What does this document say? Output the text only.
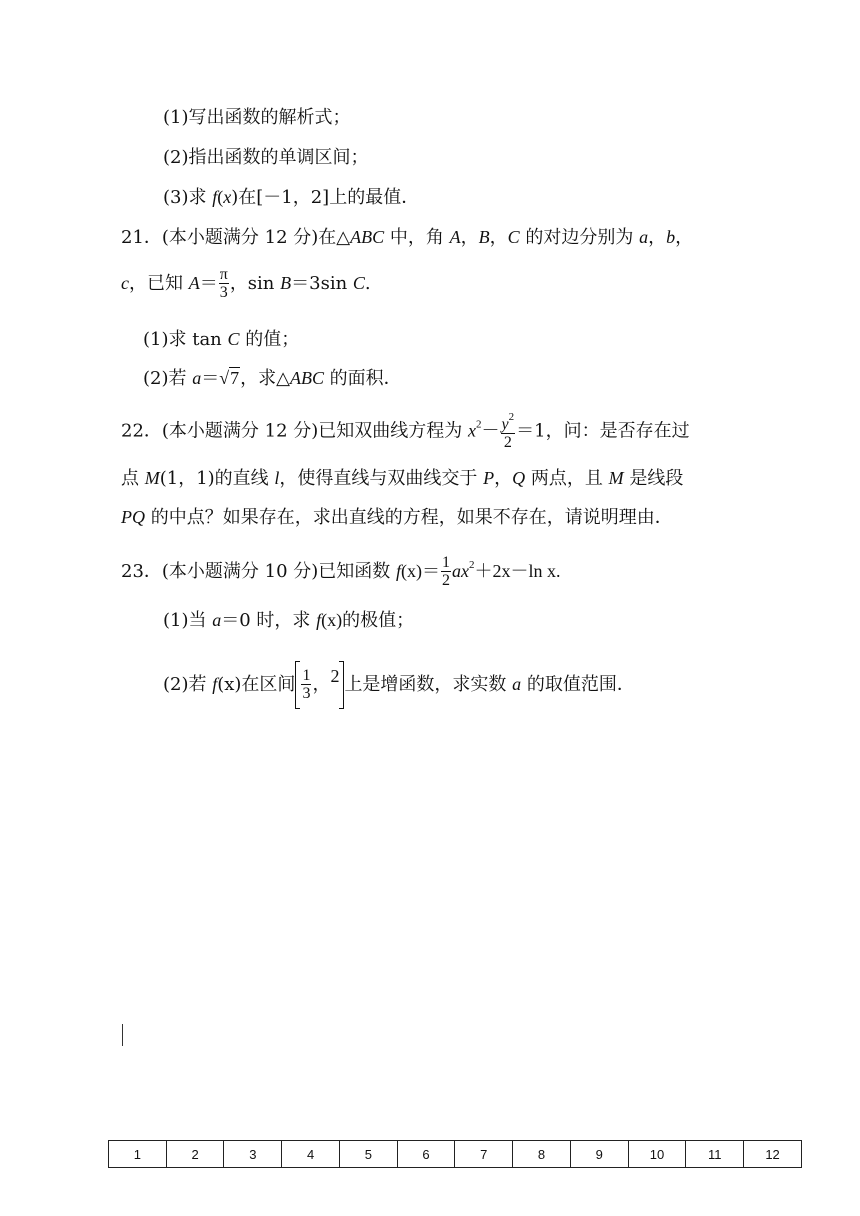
(1)写出函数的解析式；
(2)指出函数的单调区间；
(3)求 f(x)在[－1，2]上的最值．
21．(本小题满分 12 分)在△ABC 中，角 A，B，C 的对边分别为 a，b，
c，已知 $A= \frac{\pi}{3}$ ，sin B＝3sin C.
(1)求 tan C 的值；
(2)若 a＝√7，求△ABC 的面积．
22．(本小题满分 12 分)已知双曲线方程为 $x^2- \frac{y^2}{2} =1$，问：是否存在过
点 M(1，1)的直线 l，使得直线与双曲线交于 P，Q 两点，且 M 是线段
PQ 的中点？如果存在，求出直线的方程，如果不存在，请说明理由．
23．(本小题满分 10 分)已知函数 $f(x)= \frac{1}{2} ax^2+2x-\ln$ x.
(1)当 a＝0 时，求 f(x)的极值；
(2)若 f(x)在区间 $\frac{1}{3}$ ，2 上是增函数，求实数 a 的取值范围．
1	2	3	4	5	6	7	8	9	10	11	12
